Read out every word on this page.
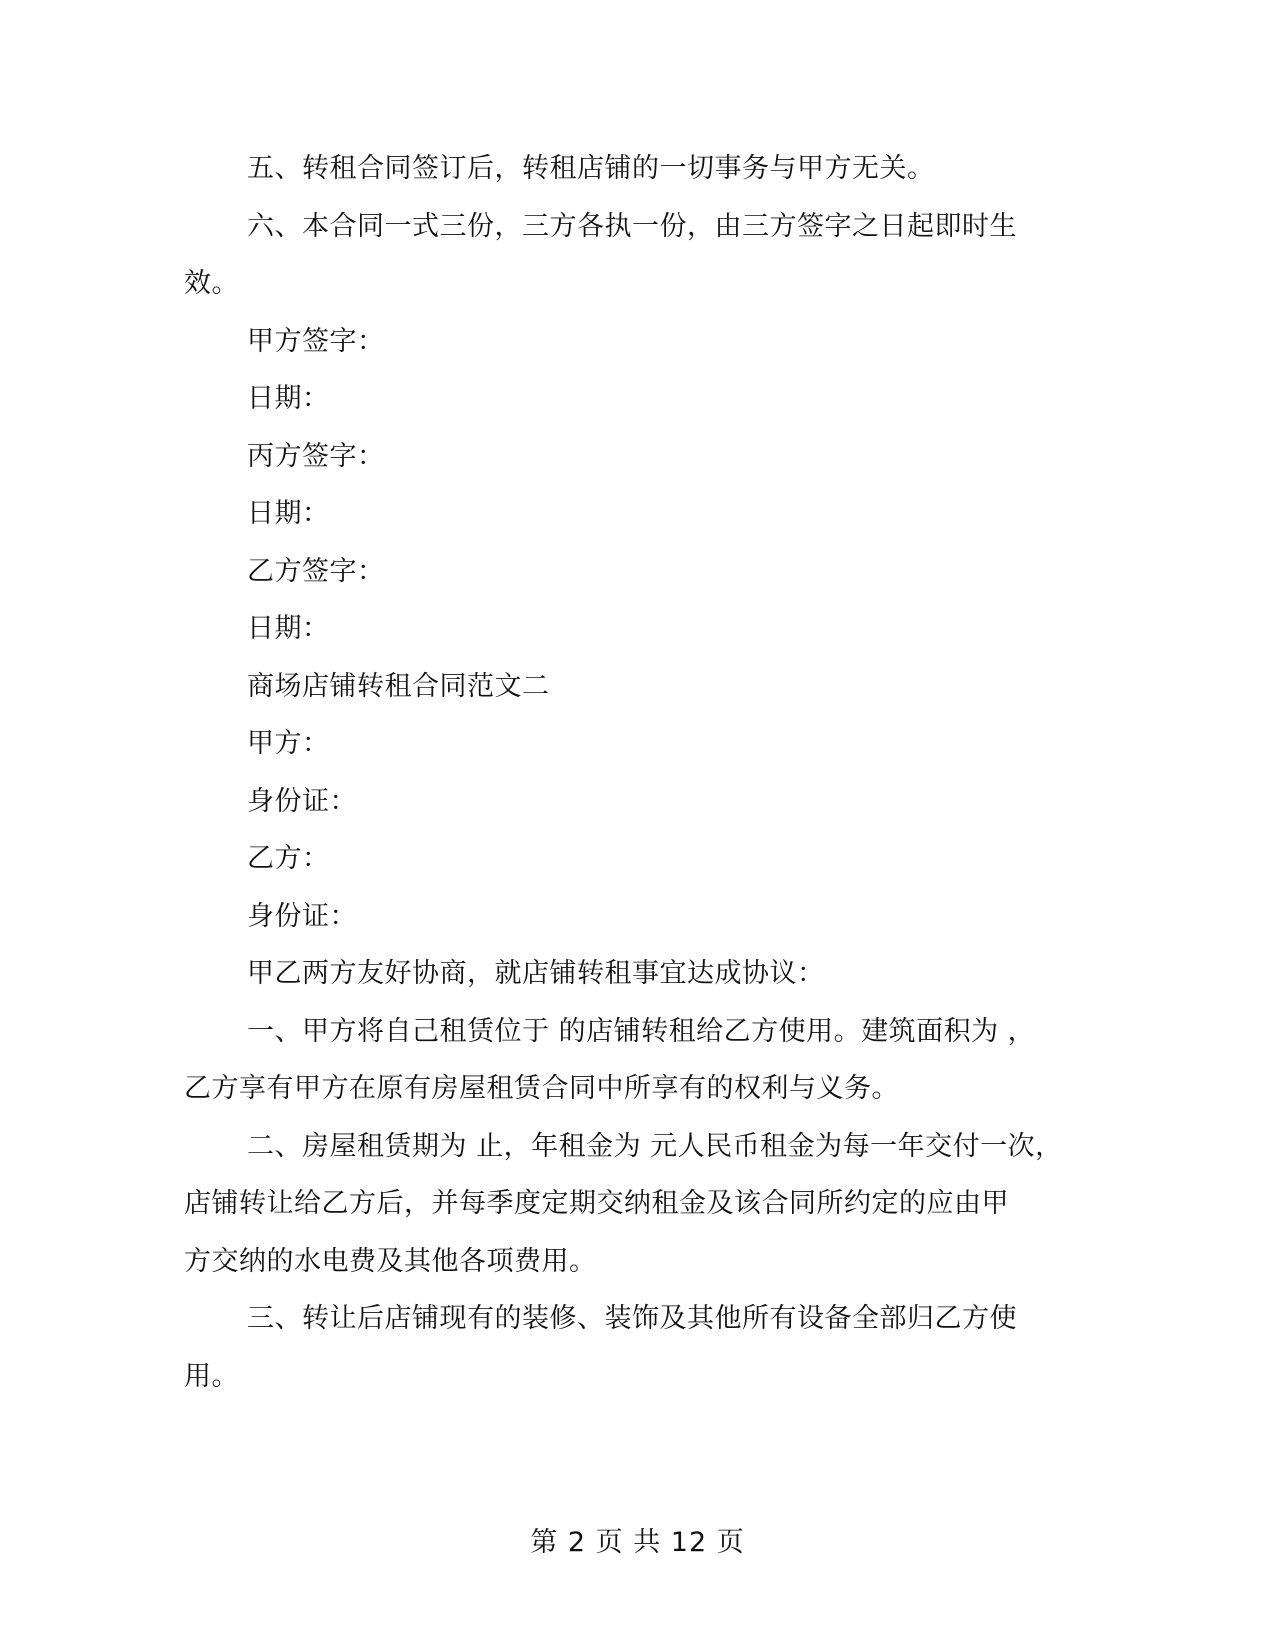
五、转租合同签订后，转租店铺的一切事务与甲方无关。
六、本合同一式三份，三方各执一份，由三方签字之日起即时生
效。
甲方签字：
日期：
丙方签字：
日期：
乙方签字：
日期：
商场店铺转租合同范文二
甲方：
身份证：
乙方：
身份证：
甲乙两方友好协商，就店铺转租事宜达成协议：
一、甲方将自己租赁位于 的店铺转租给乙方使用。建筑面积为 ，
乙方享有甲方在原有房屋租赁合同中所享有的权利与义务。
二、房屋租赁期为 止，年租金为 元人民币租金为每一年交付一次，
店铺转让给乙方后，并每季度定期交纳租金及该合同所约定的应由甲
方交纳的水电费及其他各项费用。
三、转让后店铺现有的装修、装饰及其他所有设备全部归乙方使
用。
第 2 页 共 12 页
